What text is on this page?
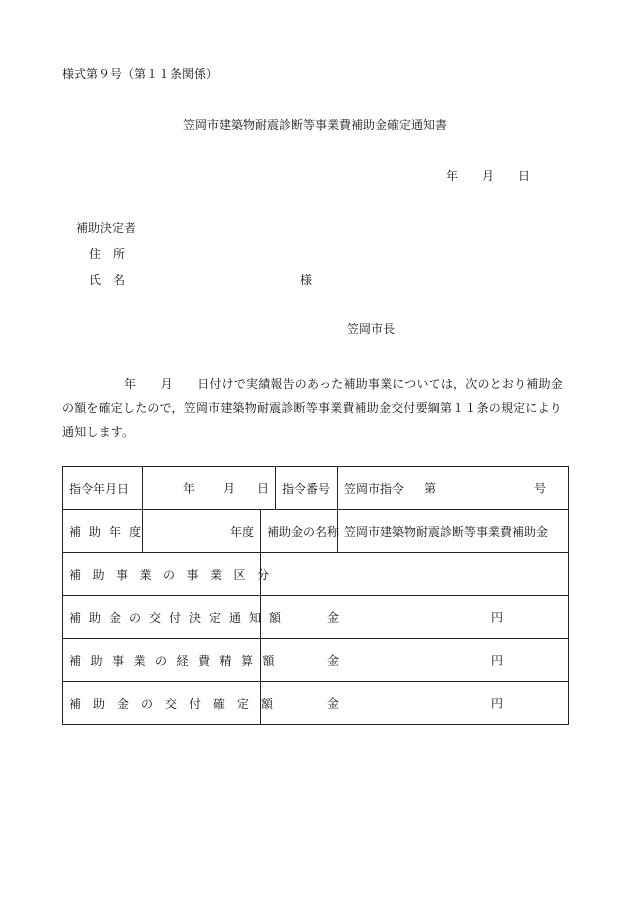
様式第９号（第１１条関係）
笠岡市建築物耐震診断等事業費補助金確定通知書
年 月 日
補助決定者
住　所
氏　名	様
笠岡市長
年　　月　　日付けで実績報告のあった補助事業については，次のとおり補助金の額を確定したので，笠岡市建築物耐震診断等事業費補助金交付要綱第１１条の規定により通知します。
指令年月日	年 月 日		指令番号	笠岡市指令 第 号

補助年度	年度	補助金の名称		笠岡市建築物耐震診断等事業費補助金
補助事業の事業区分				
補助金の交付決定通知額		金 円		

補助事業の経費精算額		金 円		

補助金の交付確定額		金 円		
